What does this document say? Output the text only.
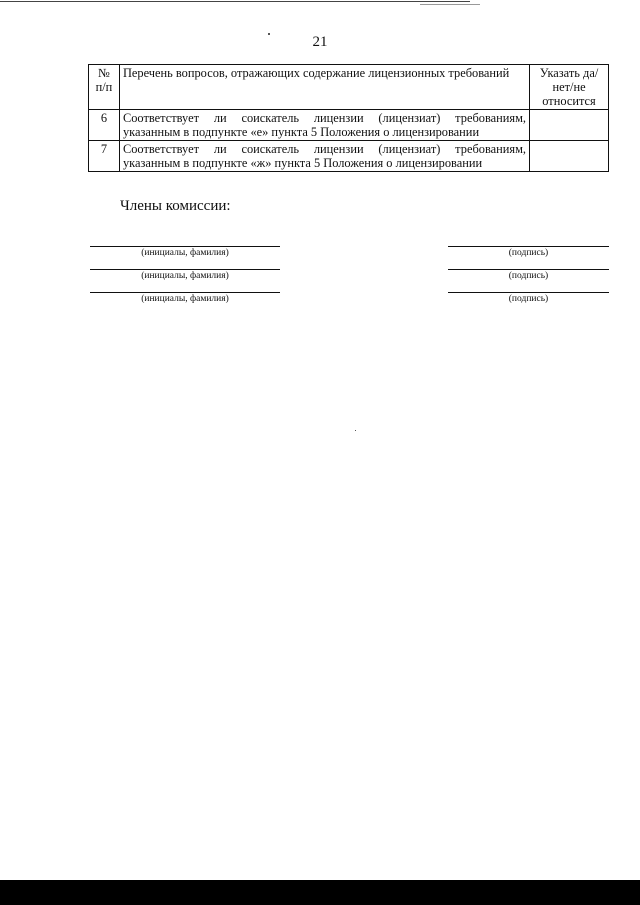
21
№ п/п	Перечень вопросов, отражающих содержание лицензионных требований	Указать да/нет/не относится
6	Соответствует ли соискатель лицензии (лицензиат) требованиям, указанным в подпункте «е» пункта 5 Положения о лицензировании	
7	Соответствует ли соискатель лицензии (лицензиат) требованиям, указанным в подпункте «ж» пункта 5 Положения о лицензировании	
Члены комиссии:
(инициалы, фамилия)	(подпись)
(инициалы, фамилия)	(подпись)
(инициалы, фамилия)	(подпись)
